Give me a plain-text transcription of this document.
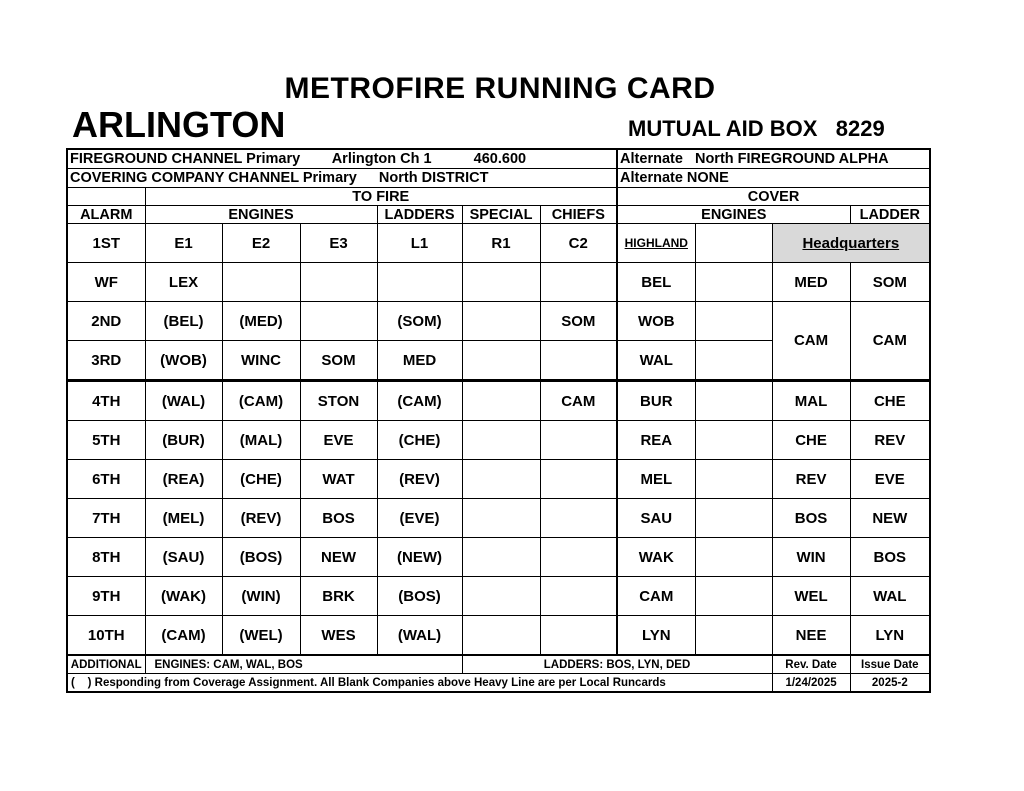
METROFIRE RUNNING CARD
ARLINGTON	MUTUAL AID BOX   8229
FIREGROUND CHANNEL Primary Arlington Ch 1 460.600							Alternate   North FIREGROUND ALPHA			
COVERING COMPANY CHANNEL Primary North DISTRICT							Alternate NONE			
	TO FIRE						COVER			
ALARM	ENGINES			LADDERS	SPECIAL	CHIEFS	ENGINES			LADDER
1ST	E1	E2	E3	L1	R1	C2	HIGHLAND		Headquarters	
WF	LEX						BEL		MED	SOM
2ND	(BEL)	(MED)		(SOM)		SOM	WOB		CAM	CAM
3RD	(WOB)	WINC	SOM	MED			WAL			
4TH	(WAL)	(CAM)	STON	(CAM)		CAM	BUR		MAL	CHE
5TH	(BUR)	(MAL)	EVE	(CHE)			REA		CHE	REV
6TH	(REA)	(CHE)	WAT	(REV)			MEL		REV	EVE
7TH	(MEL)	(REV)	BOS	(EVE)			SAU		BOS	NEW
8TH	(SAU)	(BOS)	NEW	(NEW)			WAK		WIN	BOS
9TH	(WAK)	(WIN)	BRK	(BOS)			CAM		WEL	WAL
10TH	(CAM)	(WEL)	WES	(WAL)			LYN		NEE	LYN
ADDITIONAL	ENGINES: CAM, WAL, BOS				LADDERS: BOS, LYN, DED				Rev. Date	Issue Date
(    ) Responding from Coverage Assignment. All Blank Companies above Heavy Line are per Local Runcards									1/24/2025	2025-2
